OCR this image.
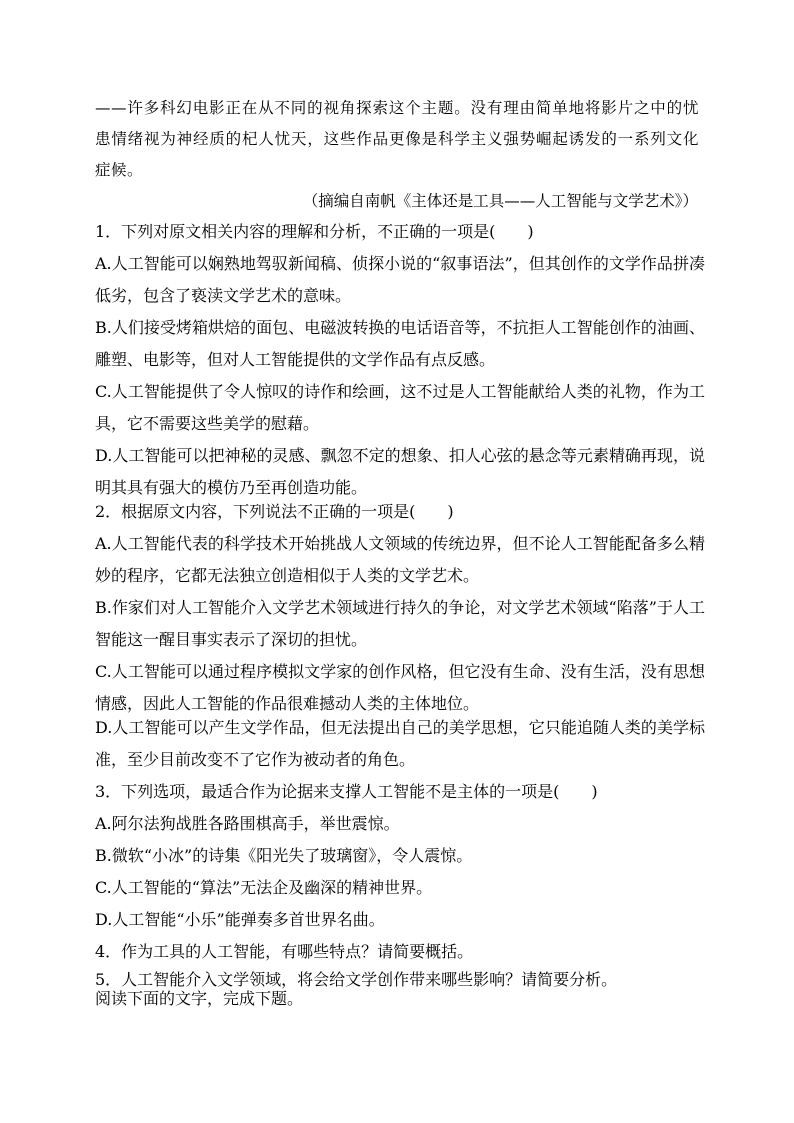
——许多科幻电影正在从不同的视角探索这个主题。没有理由简单地将影片之中的忧患情绪视为神经质的杞人忧天，这些作品更像是科学主义强势崛起诱发的一系列文化症候。
（摘编自南帆《主体还是工具——人工智能与文学艺术》）
1．下列对原文相关内容的理解和分析，不正确的一项是(　　)
A.人工智能可以娴熟地驾驭新闻稿、侦探小说的“叙事语法”，但其创作的文学作品拼凑低劣，包含了亵渎文学艺术的意味。
B.人们接受烤箱烘焙的面包、电磁波转换的电话语音等，不抗拒人工智能创作的油画、雕塑、电影等，但对人工智能提供的文学作品有点反感。
C.人工智能提供了令人惊叹的诗作和绘画，这不过是人工智能献给人类的礼物，作为工具，它不需要这些美学的慰藉。
D.人工智能可以把神秘的灵感、飘忽不定的想象、扣人心弦的悬念等元素精确再现，说明其具有强大的模仿乃至再创造功能。
2．根据原文内容，下列说法不正确的一项是(　　)
A.人工智能代表的科学技术开始挑战人文领域的传统边界，但不论人工智能配备多么精妙的程序，它都无法独立创造相似于人类的文学艺术。
B.作家们对人工智能介入文学艺术领域进行持久的争论，对文学艺术领域“陷落”于人工智能这一醒目事实表示了深切的担忧。
C.人工智能可以通过程序模拟文学家的创作风格，但它没有生命、没有生活，没有思想情感，因此人工智能的作品很难撼动人类的主体地位。
D.人工智能可以产生文学作品，但无法提出自己的美学思想，它只能追随人类的美学标准，至少目前改变不了它作为被动者的角色。
3．下列选项，最适合作为论据来支撑人工智能不是主体的一项是(　　)
A.阿尔法狗战胜各路围棋高手，举世震惊。
B.微软“小冰”的诗集《阳光失了玻璃窗》，令人震惊。
C.人工智能的“算法”无法企及幽深的精神世界。
D.人工智能“小乐”能弹奏多首世界名曲。
4．作为工具的人工智能，有哪些特点？请简要概括。
5．人工智能介入文学领域，将会给文学创作带来哪些影响？请简要分析。
阅读下面的文字，完成下题。
